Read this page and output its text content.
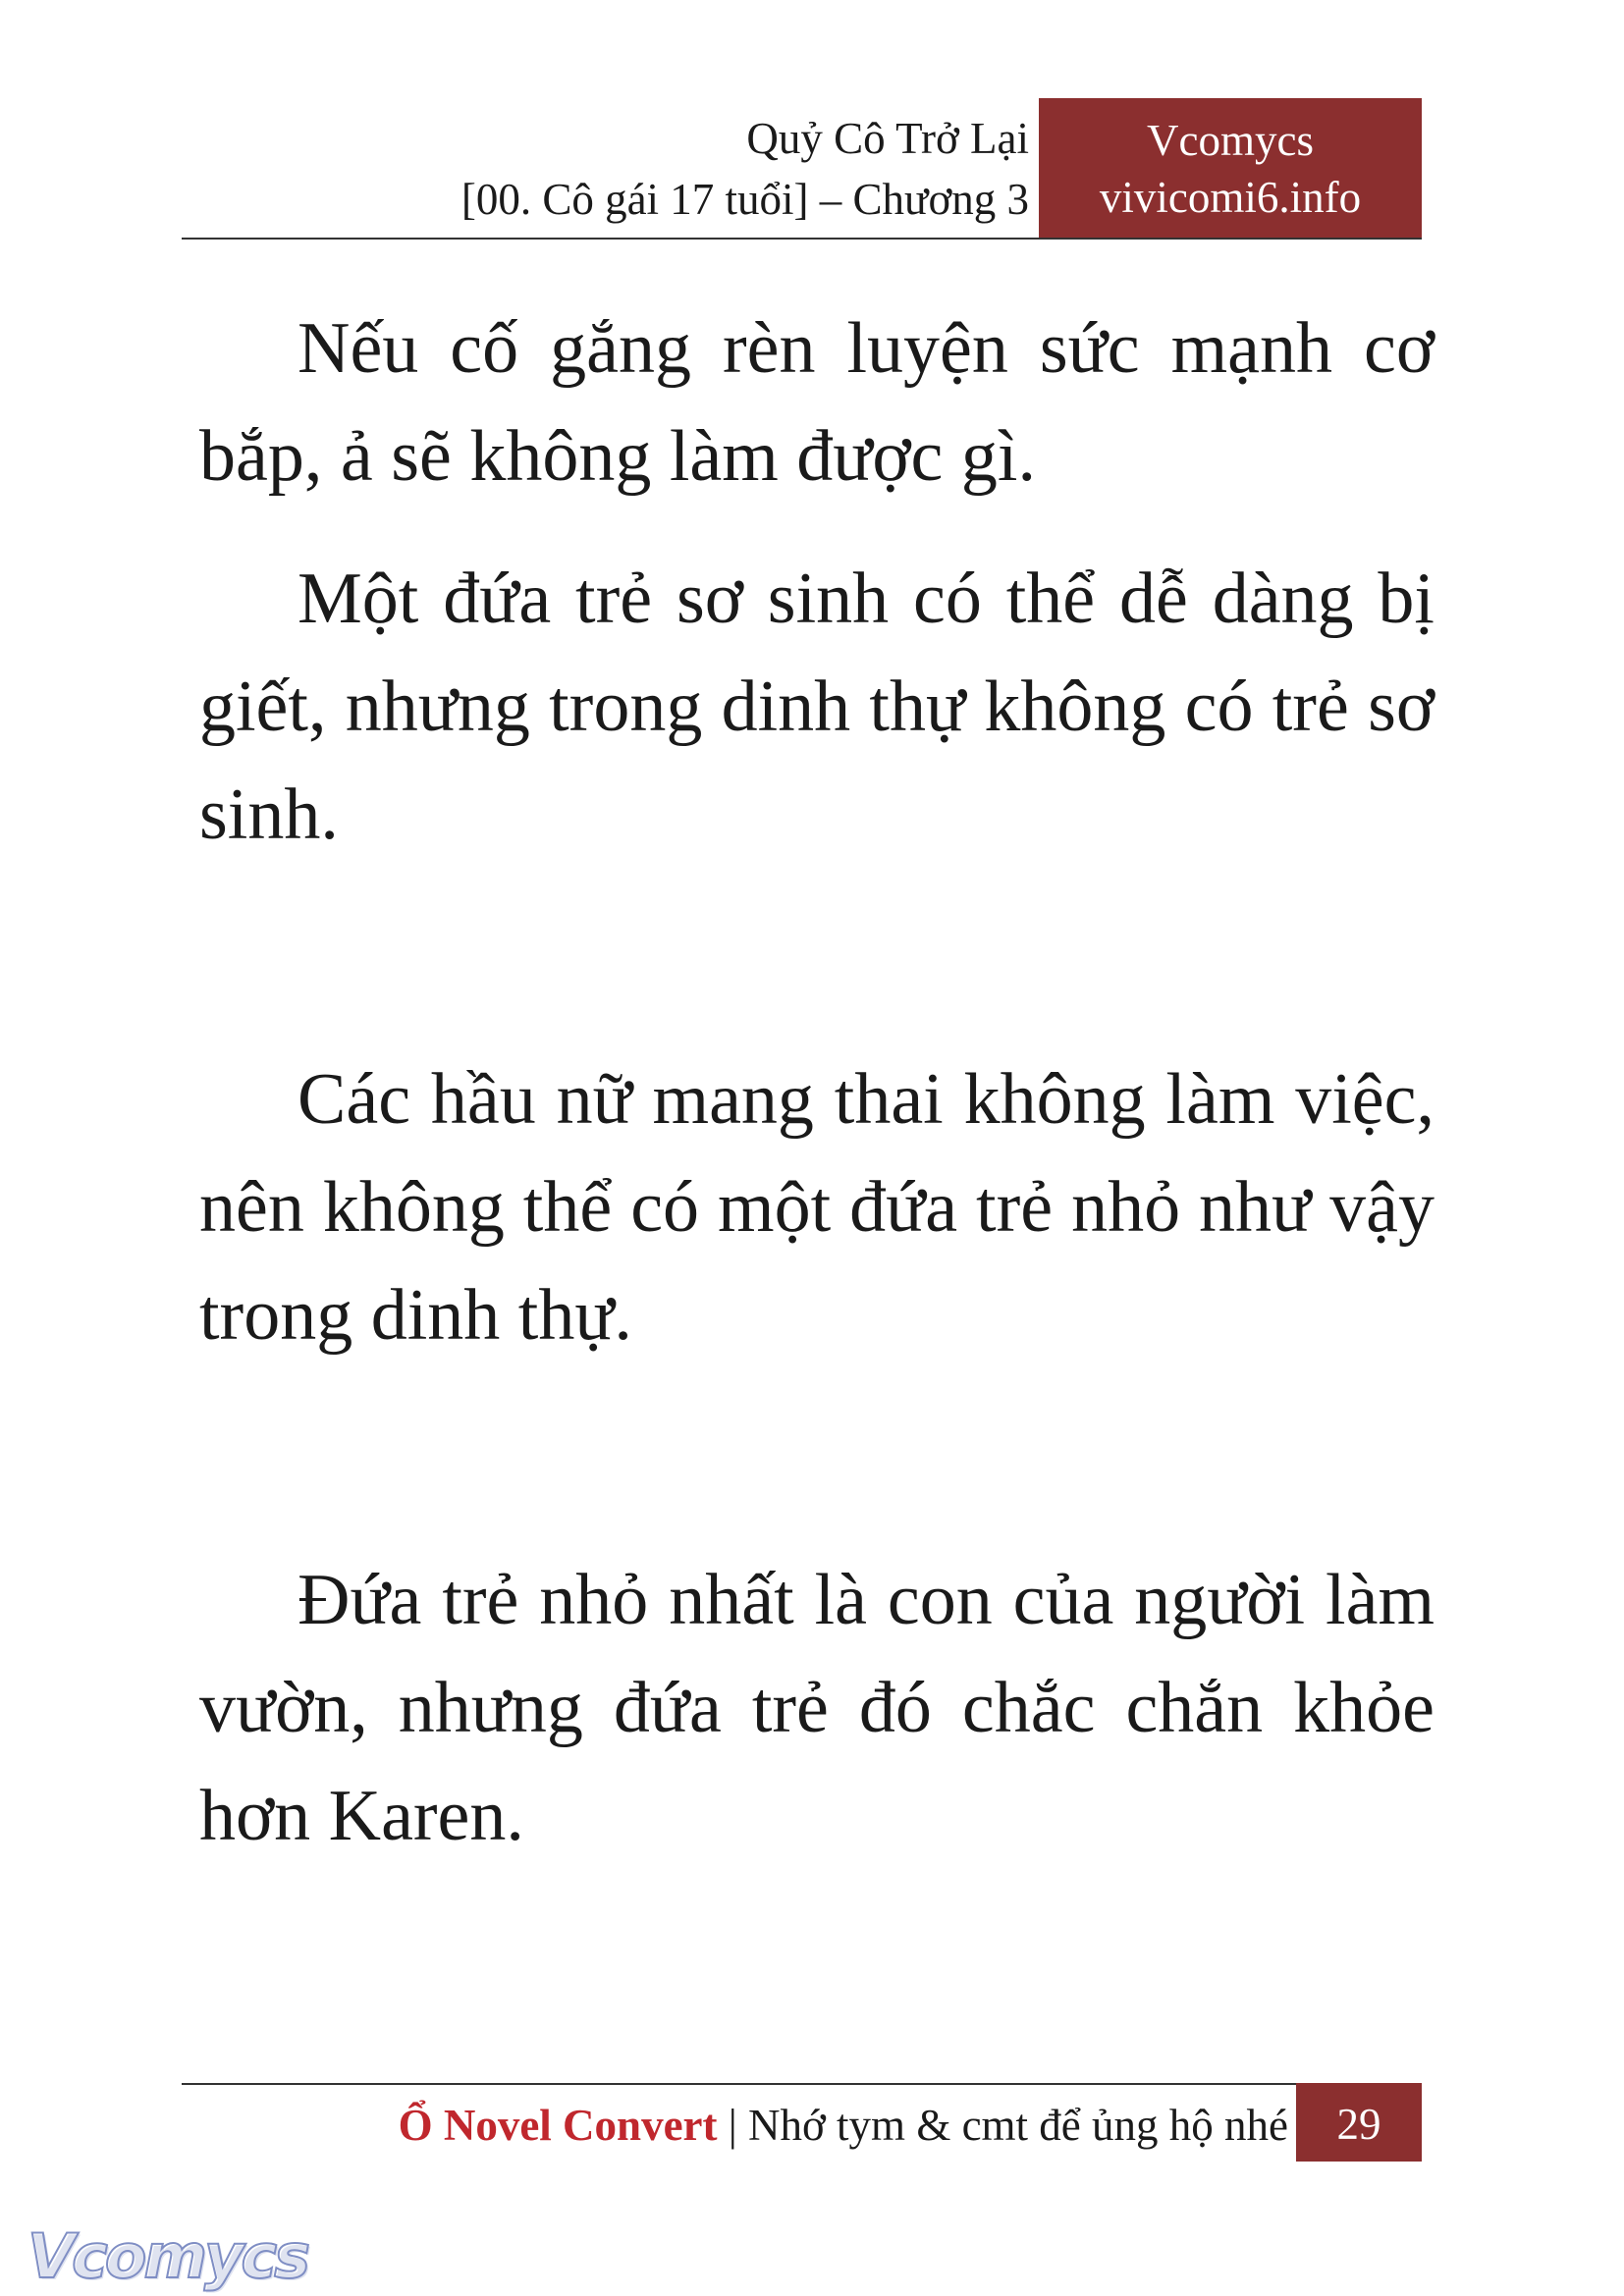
Quỷ Cô Trở Lại
[00. Cô gái 17 tuổi] – Chương 3
Vcomycs
vivicomi6.info

Nếu cố gắng rèn luyện sức mạnh cơ bắp, ả sẽ không làm được gì.

Một đứa trẻ sơ sinh có thể dễ dàng bị giết, nhưng trong dinh thự không có trẻ sơ sinh.

Các hầu nữ mang thai không làm việc, nên không thể có một đứa trẻ nhỏ như vậy trong dinh thự.

Đứa trẻ nhỏ nhất là con của người làm vườn, nhưng đứa trẻ đó chắc chắn khỏe hơn Karen.

Ổ Novel Convert | Nhớ tym & cmt để ủng hộ nhé	29
Vcomycs
